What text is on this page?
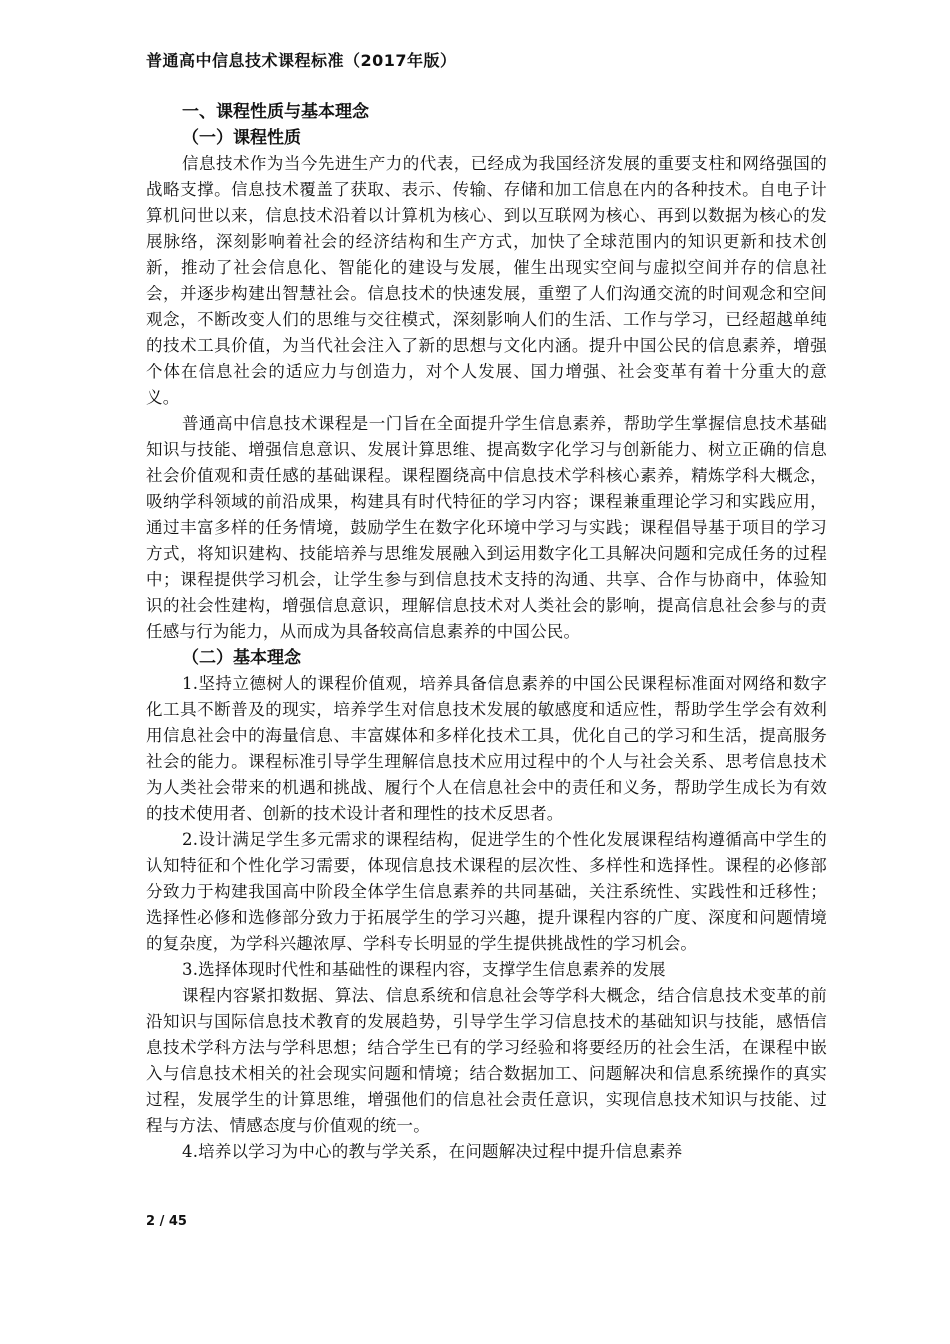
普通高中信息技术课程标准（2017年版）
一、课程性质与基本理念
（一）课程性质

信息技术作为当今先进生产力的代表，已经成为我国经济发展的重要支柱和网络强国的战略支撑。信息技术覆盖了获取、表示、传输、存储和加工信息在内的各种技术。自电子计算机问世以来，信息技术沿着以计算机为核心、到以互联网为核心、再到以数据为核心的发展脉络，深刻影响着社会的经济结构和生产方式，加快了全球范围内的知识更新和技术创新，推动了社会信息化、智能化的建设与发展，催生出现实空间与虚拟空间并存的信息社会，并逐步构建出智慧社会。信息技术的快速发展，重塑了人们沟通交流的时间观念和空间观念，不断改变人们的思维与交往模式，深刻影响人们的生活、工作与学习，已经超越单纯的技术工具价值，为当代社会注入了新的思想与文化内涵。提升中国公民的信息素养，增强个体在信息社会的适应力与创造力，对个人发展、国力增强、社会变革有着十分重大的意义。

普通高中信息技术课程是一门旨在全面提升学生信息素养，帮助学生掌握信息技术基础知识与技能、增强信息意识、发展计算思维、提高数字化学习与创新能力、树立正确的信息社会价值观和责任感的基础课程。课程圈绕高中信息技术学科核心素养，精炼学科大概念，吸纳学科领域的前沿成果，构建具有时代特征的学习内容；课程兼重理论学习和实践应用，通过丰富多样的任务情境，鼓励学生在数字化环境中学习与实践；课程倡导基于项目的学习方式，将知识建构、技能培养与思维发展融入到运用数字化工具解决问题和完成任务的过程中；课程提供学习机会，让学生参与到信息技术支持的沟通、共享、合作与协商中，体验知识的社会性建构，增强信息意识，理解信息技术对人类社会的影响，提高信息社会参与的责任感与行为能力，从而成为具备较高信息素养的中国公民。

（二）基本理念

1.坚持立德树人的课程价值观，培养具备信息素养的中国公民课程标准面对网络和数字化工具不断普及的现实，培养学生对信息技术发展的敏感度和适应性，帮助学生学会有效利用信息社会中的海量信息、丰富媒体和多样化技术工具，优化自己的学习和生活，提高服务社会的能力。课程标准引导学生理解信息技术应用过程中的个人与社会关系、思考信息技术为人类社会带来的机遇和挑战、履行个人在信息社会中的责任和义务，帮助学生成长为有效的技术使用者、创新的技术设计者和理性的技术反思者。

2.设计满足学生多元需求的课程结构，促进学生的个性化发展课程结构遵循高中学生的认知特征和个性化学习需要，体现信息技术课程的层次性、多样性和选择性。课程的必修部分致力于构建我国高中阶段全体学生信息素养的共同基础，关注系统性、实践性和迁移性；选择性必修和选修部分致力于拓展学生的学习兴趣，提升课程内容的广度、深度和问题情境的复杂度，为学科兴趣浓厚、学科专长明显的学生提供挑战性的学习机会。

3.选择体现时代性和基础性的课程内容，支撑学生信息素养的发展

课程内容紧扣数据、算法、信息系统和信息社会等学科大概念，结合信息技术变革的前沿知识与国际信息技术教育的发展趋势，引导学生学习信息技术的基础知识与技能，感悟信息技术学科方法与学科思想；结合学生已有的学习经验和将要经历的社会生活，在课程中嵌入与信息技术相关的社会现实问题和情境；结合数据加工、问题解决和信息系统操作的真实过程，发展学生的计算思维，增强他们的信息社会责任意识，实现信息技术知识与技能、过程与方法、情感态度与价值观的统一。

4.培养以学习为中心的教与学关系，在问题解决过程中提升信息素养

2 / 45
